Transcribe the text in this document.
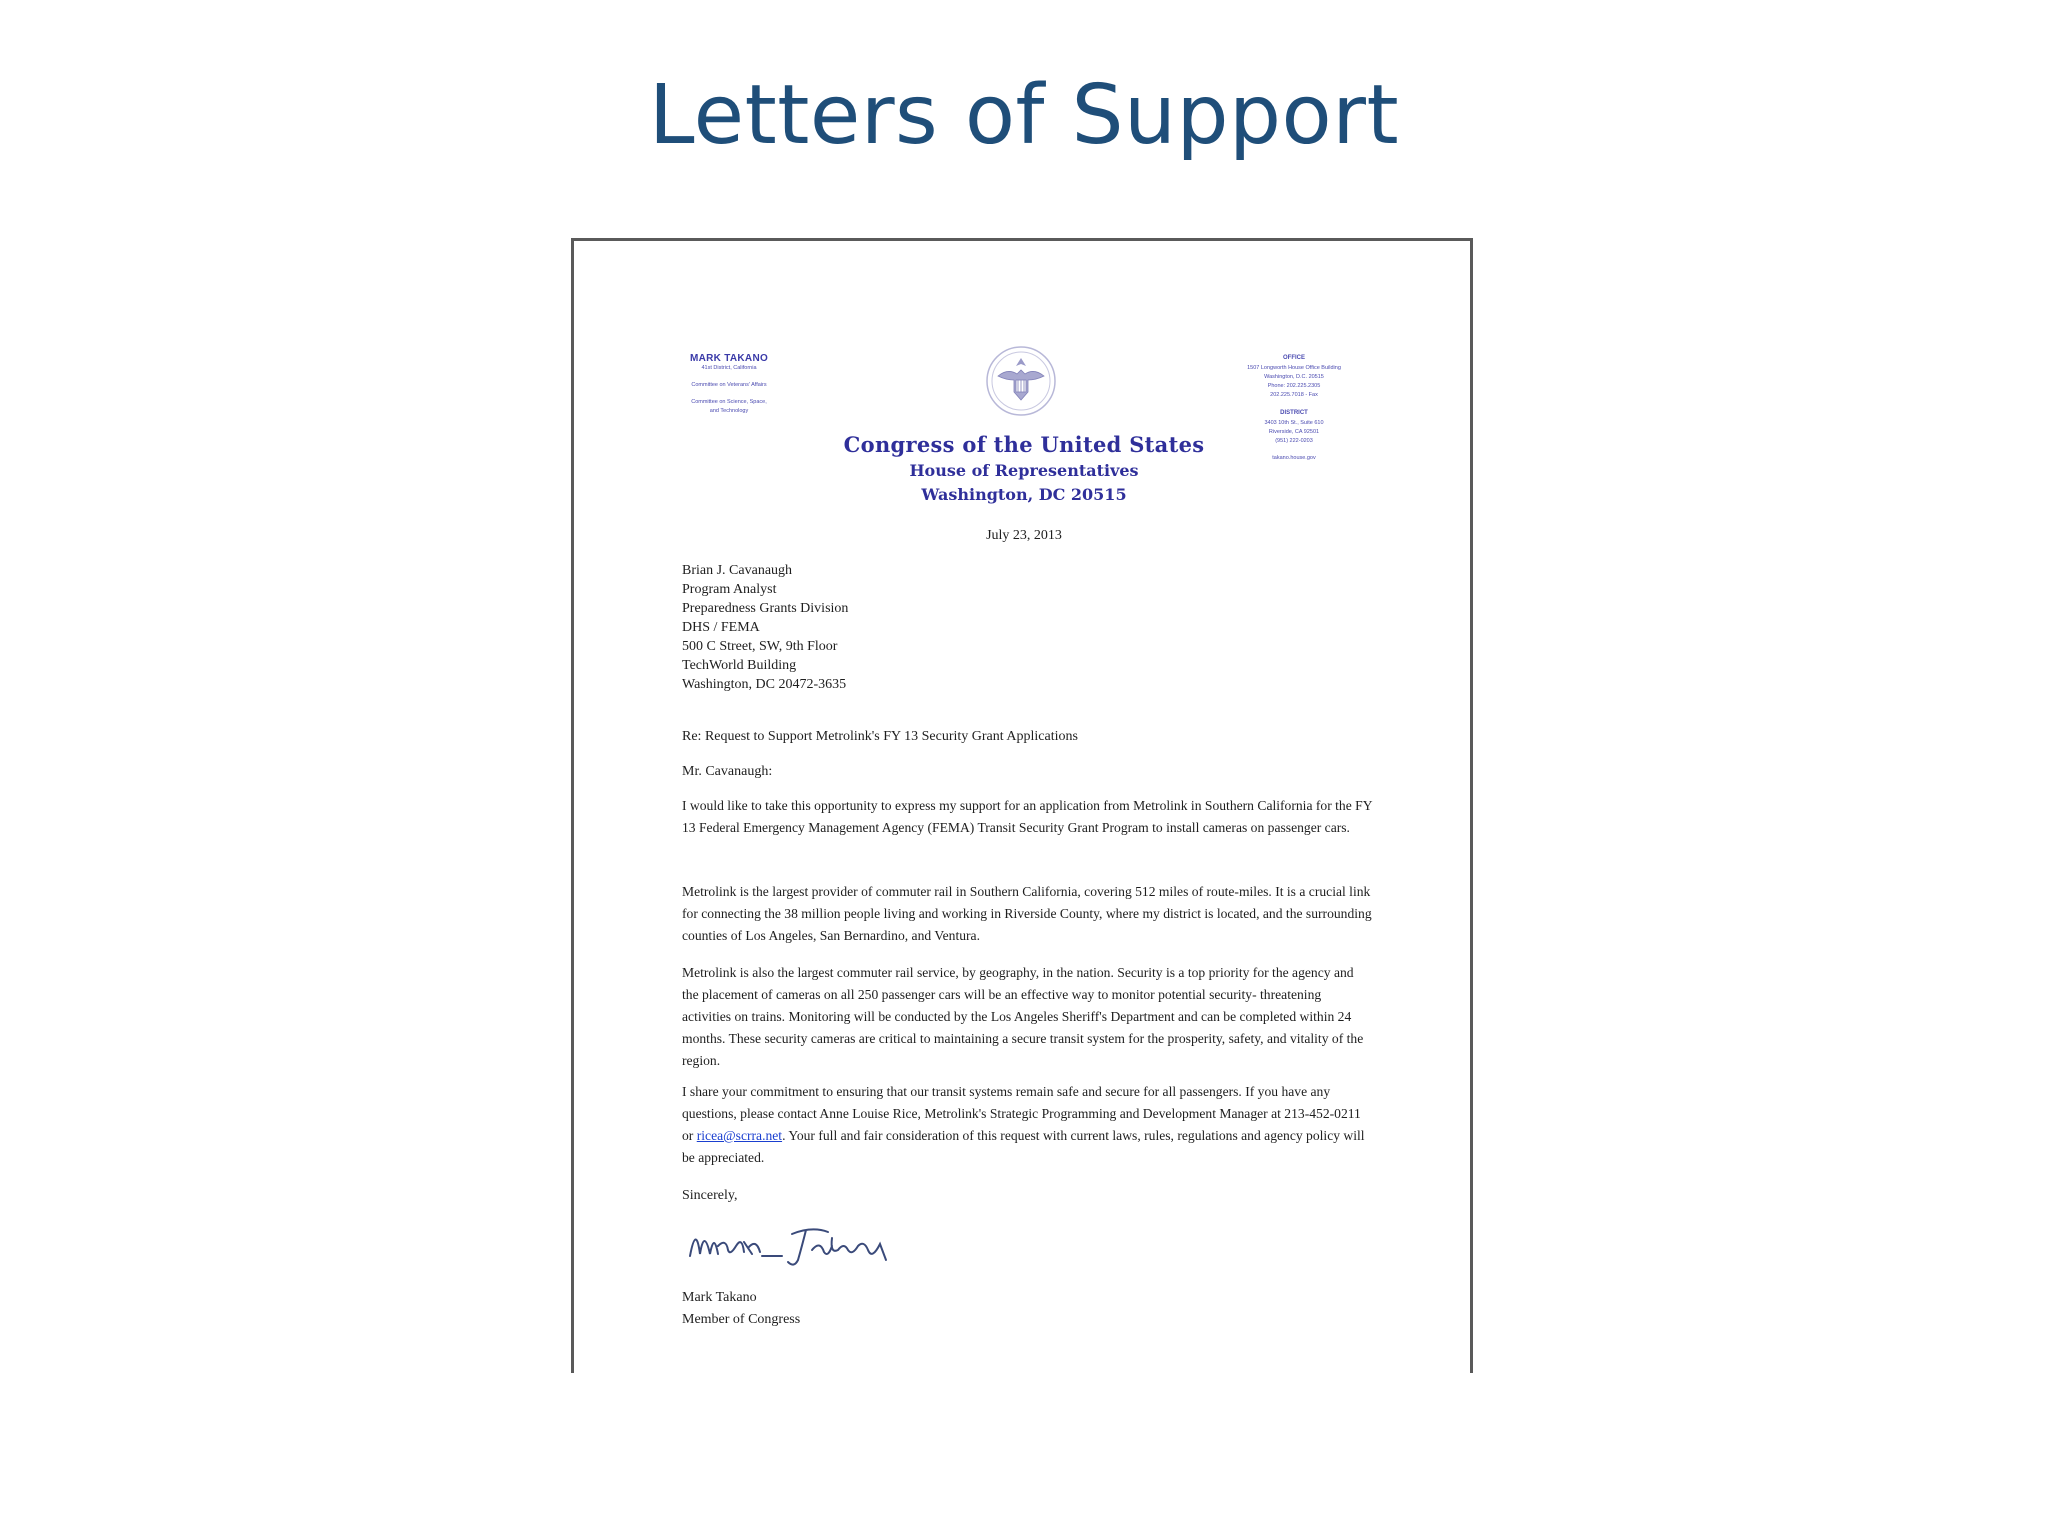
Letters of Support
MARK TAKANO
41st District, California
Committee on Veterans' Affairs
Committee on Science, Space,
and Technology
Congress of the United States
House of Representatives
Washington, DC 20515
OFFICE
1507 Longworth House Office Building
Washington, D.C. 20515
Phone: 202.225.2305
202.225.7018 - Fax
DISTRICT
3403 10th St., Suite 610
Riverside, CA 92501
(951) 222-0203
takano.house.gov
July 23, 2013
Brian J. Cavanaugh
Program Analyst
Preparedness Grants Division
DHS / FEMA
500 C Street, SW, 9th Floor
TechWorld Building
Washington, DC 20472-3635
Re: Request to Support Metrolink's FY 13 Security Grant Applications
Mr. Cavanaugh:
I would like to take this opportunity to express my support for an application from Metrolink in Southern California for the FY 13 Federal Emergency Management Agency (FEMA) Transit Security Grant Program to install cameras on passenger cars.
Metrolink is the largest provider of commuter rail in Southern California, covering 512 miles of route-miles. It is a crucial link for connecting the 38 million people living and working in Riverside County, where my district is located, and the surrounding counties of Los Angeles, San Bernardino, and Ventura.
Metrolink is also the largest commuter rail service, by geography, in the nation. Security is a top priority for the agency and the placement of cameras on all 250 passenger cars will be an effective way to monitor potential security- threatening activities on trains. Monitoring will be conducted by the Los Angeles Sheriff's Department and can be completed within 24 months. These security cameras are critical to maintaining a secure transit system for the prosperity, safety, and vitality of the region.
I share your commitment to ensuring that our transit systems remain safe and secure for all passengers. If you have any questions, please contact Anne Louise Rice, Metrolink's Strategic Programming and Development Manager at 213-452-0211 or ricea@scrra.net. Your full and fair consideration of this request with current laws, rules, regulations and agency policy will be appreciated.
Sincerely,
Mark Takano
Member of Congress
